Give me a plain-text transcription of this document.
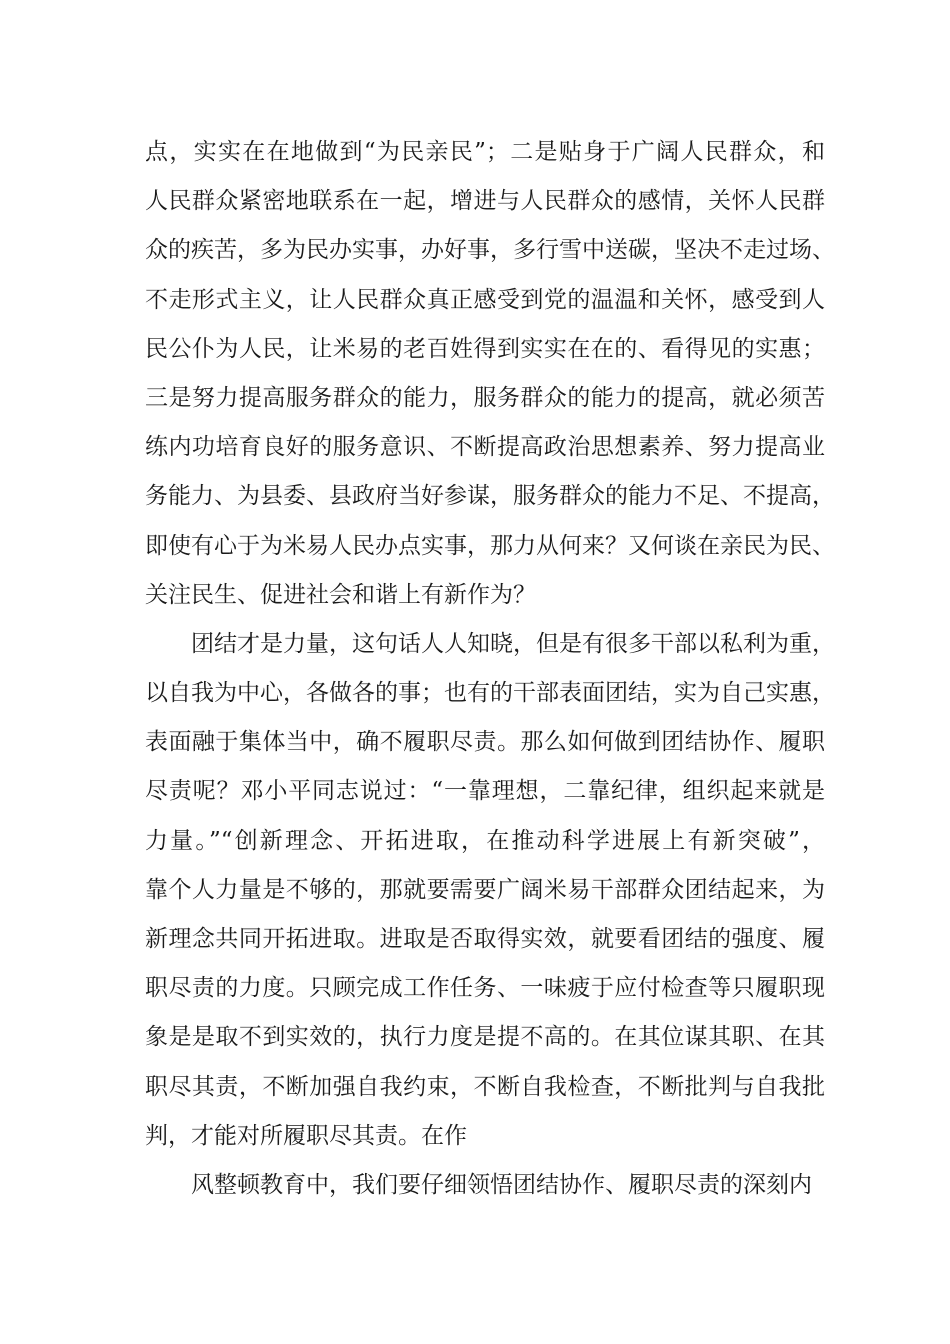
点，实实在在地做到“为民亲民”；二是贴身于广阔人民群众，和
人民群众紧密地联系在一起，增进与人民群众的感情，关怀人民群
众的疾苦，多为民办实事，办好事，多行雪中送碳，坚决不走过场、
不走形式主义，让人民群众真正感受到党的温温和关怀，感受到人
民公仆为人民，让米易的老百姓得到实实在在的、看得见的实惠；
三是努力提高服务群众的能力，服务群众的能力的提高，就必须苦
练内功培育良好的服务意识、不断提高政治思想素养、努力提高业
务能力、为县委、县政府当好参谋，服务群众的能力不足、不提高，
即使有心于为米易人民办点实事，那力从何来？又何谈在亲民为民、
关注民生、促进社会和谐上有新作为？
团结才是力量，这句话人人知晓，但是有很多干部以私利为重，
以自我为中心，各做各的事；也有的干部表面团结，实为自己实惠，
表面融于集体当中，确不履职尽责。那么如何做到团结协作、履职
尽责呢？邓小平同志说过：“一靠理想，二靠纪律，组织起来就是
力量。”“创新理念、开拓进取，在推动科学进展上有新突破”，
靠个人力量是不够的，那就要需要广阔米易干部群众团结起来，为
新理念共同开拓进取。进取是否取得实效，就要看团结的强度、履
职尽责的力度。只顾完成工作任务、一味疲于应付检查等只履职现
象是是取不到实效的，执行力度是提不高的。在其位谋其职、在其
职尽其责，不断加强自我约束，不断自我检查，不断批判与自我批
判，才能对所履职尽其责。在作
风整顿教育中，我们要仔细领悟团结协作、履职尽责的深刻内
